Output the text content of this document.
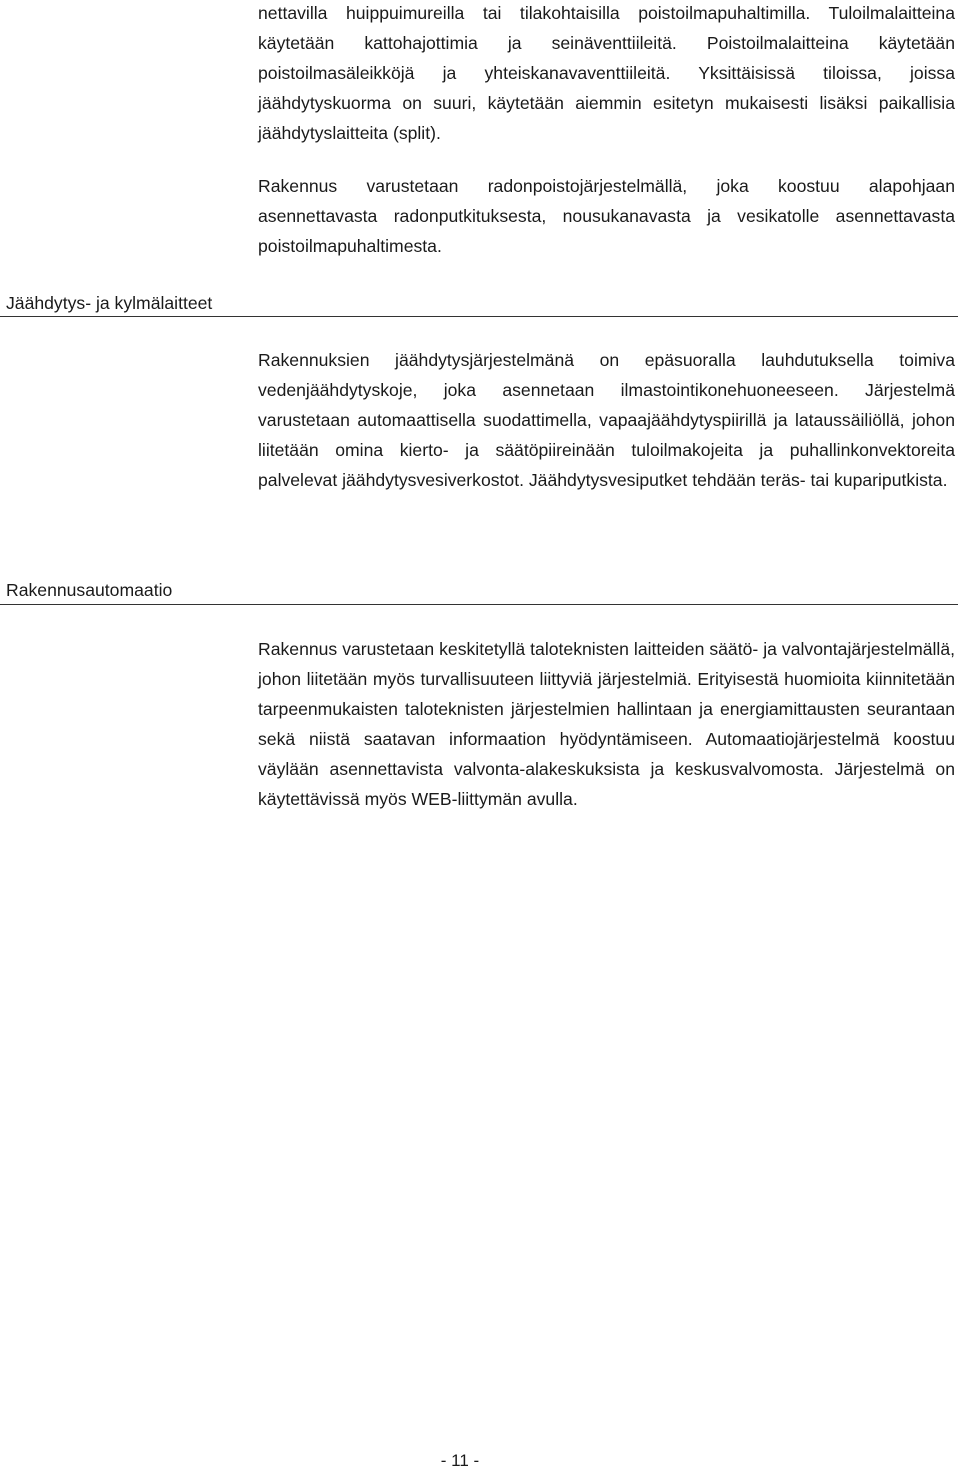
nettavilla huippuimureilla tai tilakohtaisilla poistoilmapuhaltimilla. Tuloilmalaitteina käytetään kattohajottimia ja seinäventtiileitä. Poistoilmalaitteina käytetään poistoilmasäleikköjä ja yhteiskanavaventtiileitä. Yksittäisissä tiloissa, joissa jäähdytyskuorma on suuri, käytetään aiemmin esitetyn mukaisesti lisäksi paikallisia jäähdytyslaitteita (split).

Rakennus varustetaan radonpoistojärjestelmällä, joka koostuu alapohjaan asennettavasta radonputkituksesta, nousukanavasta ja vesikatolle asennettavasta poistoilmapuhaltimesta.

Jäähdytys- ja kylmälaitteet

Rakennuksien jäähdytysjärjestelmänä on epäsuoralla lauhdutuksella toimiva vedenjäähdytyskoje, joka asennetaan ilmastointikonehuoneeseen. Järjestelmä varustetaan automaattisella suodattimella, vapaajäähdytyspiirillä ja lataussäiliöllä, johon liitetään omina kierto- ja säätöpiireinään tuloilmakojeita ja puhallinkonvektoreita palvelevat jäähdytysvesiverkostot. Jäähdytysvesiputket tehdään teräs- tai kupariputkista.

Rakennusautomaatio

Rakennus varustetaan keskitetyllä taloteknisten laitteiden säätö- ja valvontajärjestelmällä, johon liitetään myös turvallisuuteen liittyviä järjestelmiä. Erityisestä huomioita kiinnitetään tarpeenmukaisten taloteknisten järjestelmien hallintaan ja energiamittausten seurantaan sekä niistä saatavan informaation hyödyntämiseen. Automaatiojärjestelmä koostuu väylään asennettavista valvonta-alakeskuksista ja keskusvalvomosta. Järjestelmä on käytettävissä myös WEB-liittymän avulla.

- 11 -
